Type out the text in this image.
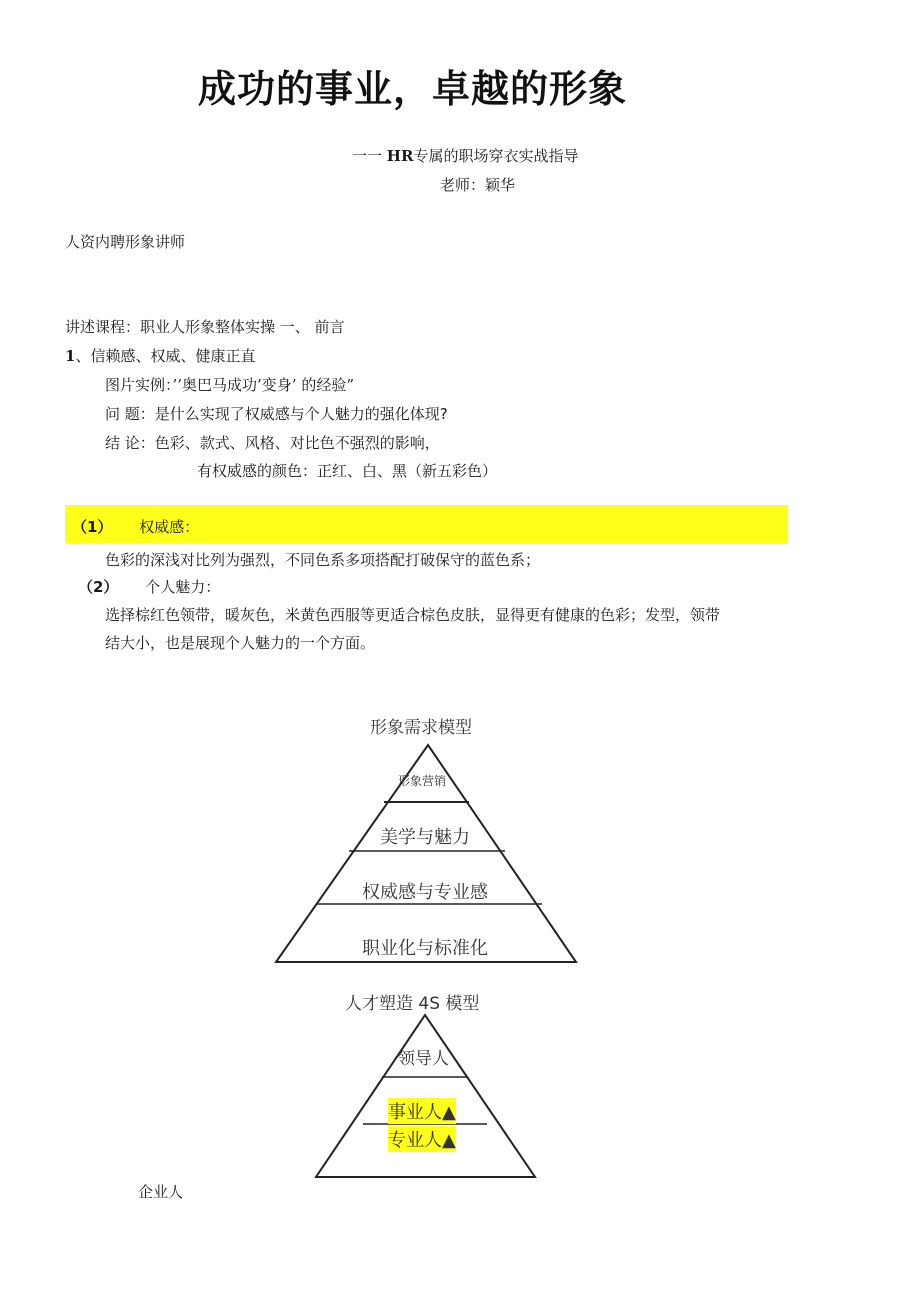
成功的事业，卓越的形象
一一 HR专属的职场穿衣实战指导
老师：颖华
人资内聘形象讲师
讲述课程：职业人形象整体实操 一、 前言
1、信赖感、权威、健康正直
图片实例：’’奥巴马成功’变身’ 的经验”
问 题：是什么实现了权威感与个人魅力的强化体现?
结 论：色彩、款式、风格、对比色不强烈的影响，
有权威感的颜色：正红、白、黑（新五彩色）
（1） 权威感：
色彩的深浅对比列为强烈，不同色系多项搭配打破保守的蓝色系；
（2） 个人魅力：
选择棕红色领带，暖灰色，米黄色西服等更适合棕色皮肤，显得更有健康的色彩；发型，领带
结大小，也是展现个人魅力的一个方面。
形象需求模型
形象营销
美学与魅力
权威感与专业感
职业化与标准化
人才塑造 4S 模型
领导人
事业人▲
专业人▲
企业人
